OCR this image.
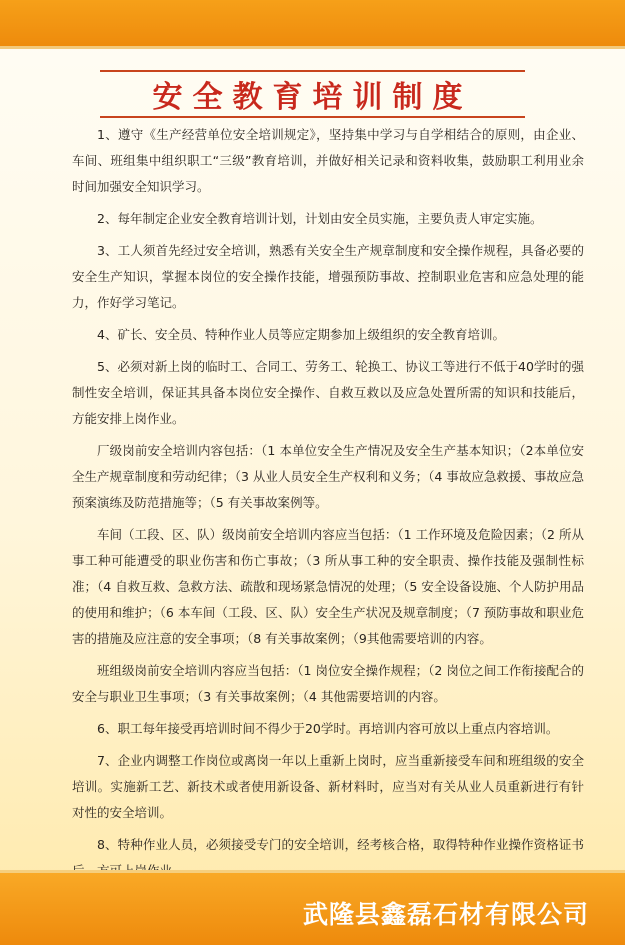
安全教育培训制度

1、遵守《生产经营单位安全培训规定》，坚持集中学习与自学相结合的原则，由企业、车间、班组集中组织职工“三级”教育培训，并做好相关记录和资料收集，鼓励职工利用业余时间加强安全知识学习。

2、每年制定企业安全教育培训计划，计划由安全员实施，主要负责人审定实施。

3、工人须首先经过安全培训，熟悉有关安全生产规章制度和安全操作规程，具备必要的安全生产知识，掌握本岗位的安全操作技能，增强预防事故、控制职业危害和应急处理的能力，作好学习笔记。

4、矿长、安全员、特种作业人员等应定期参加上级组织的安全教育培训。

5、必须对新上岗的临时工、合同工、劳务工、轮换工、协议工等进行不低于40学时的强制性安全培训，保证其具备本岗位安全操作、自救互救以及应急处置所需的知识和技能后，方能安排上岗作业。

厂级岗前安全培训内容包括：（1 本单位安全生产情况及安全生产基本知识；（2本单位安全生产规章制度和劳动纪律；（3 从业人员安全生产权利和义务；（4 事故应急救援、事故应急预案演练及防范措施等；（5 有关事故案例等。

车间（工段、区、队）级岗前安全培训内容应当包括：（1 工作环境及危险因素；（2 所从事工种可能遭受的职业伤害和伤亡事故；（3 所从事工种的安全职责、操作技能及强制性标准；（4 自救互救、急救方法、疏散和现场紧急情况的处理；（5 安全设备设施、个人防护用品的使用和维护；（6 本车间（工段、区、队）安全生产状况及规章制度；（7 预防事故和职业危害的措施及应注意的安全事项；（8 有关事故案例；（9其他需要培训的内容。

班组级岗前安全培训内容应当包括：（1 岗位安全操作规程；（2 岗位之间工作衔接配合的安全与职业卫生事项；（3 有关事故案例；（4 其他需要培训的内容。

6、职工每年接受再培训时间不得少于20学时。再培训内容可放以上重点内容培训。

7、企业内调整工作岗位或离岗一年以上重新上岗时，应当重新接受车间和班组级的安全培训。实施新工艺、新技术或者使用新设备、新材料时，应当对有关从业人员重新进行有针对性的安全培训。

8、特种作业人员，必须接受专门的安全培训，经考核合格，取得特种作业操作资格证书

武隆县鑫磊石材有限公司
